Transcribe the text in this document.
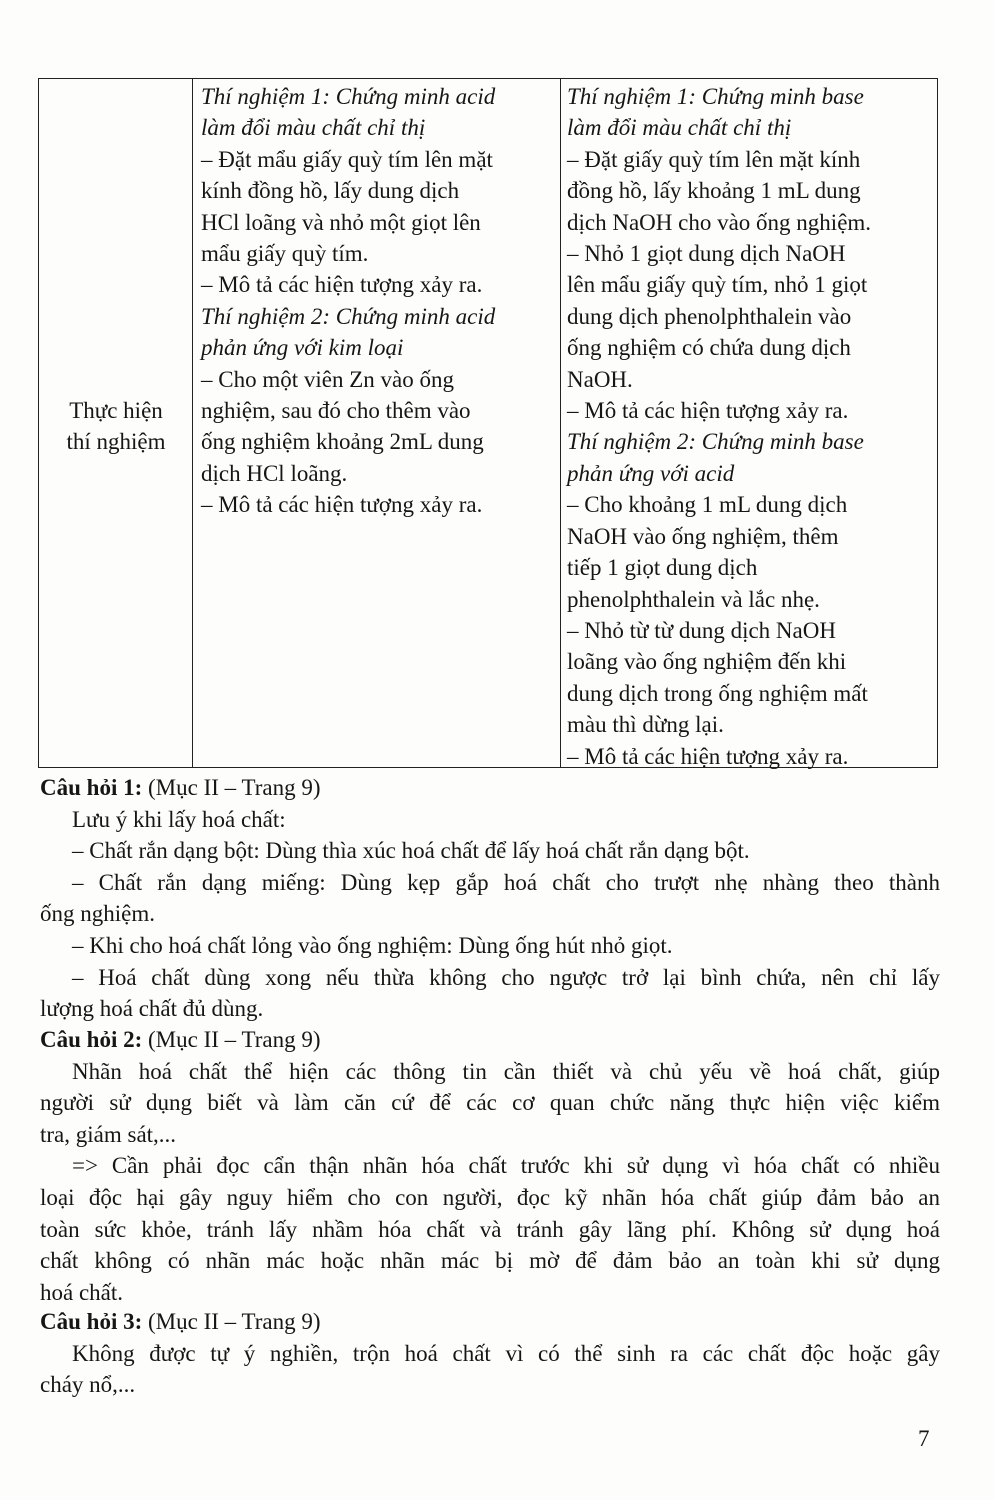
Thực hiện
thí nghiệm
Thí nghiệm 1: Chứng minh acid
làm đổi màu chất chỉ thị
– Đặt mẩu giấy quỳ tím lên mặt
kính đồng hồ, lấy dung dịch
HCl loãng và nhỏ một giọt lên
mẩu giấy quỳ tím.
– Mô tả các hiện tượng xảy ra.
Thí nghiệm 2: Chứng minh acid
phản ứng với kim loại
– Cho một viên Zn vào ống
nghiệm, sau đó cho thêm vào
ống nghiệm khoảng 2mL dung
dịch HCl loãng.
– Mô tả các hiện tượng xảy ra.
Thí nghiệm 1: Chứng minh base
làm đổi màu chất chỉ thị
– Đặt giấy quỳ tím lên mặt kính
đồng hồ, lấy khoảng 1 mL dung
dịch NaOH cho vào ống nghiệm.
– Nhỏ 1 giọt dung dịch NaOH
lên mẩu giấy quỳ tím, nhỏ 1 giọt
dung dịch phenolphthalein vào
ống nghiệm có chứa dung dịch
NaOH.
– Mô tả các hiện tượng xảy ra.
Thí nghiệm 2: Chứng minh base
phản ứng với acid
– Cho khoảng 1 mL dung dịch
NaOH vào ống nghiệm, thêm
tiếp 1 giọt dung dịch
phenolphthalein và lắc nhẹ.
– Nhỏ từ từ dung dịch NaOH
loãng vào ống nghiệm đến khi
dung dịch trong ống nghiệm mất
màu thì dừng lại.
– Mô tả các hiện tượng xảy ra.
Câu hỏi 1: (Mục II – Trang 9)
Lưu ý khi lấy hoá chất:
– Chất rắn dạng bột: Dùng thìa xúc hoá chất để lấy hoá chất rắn dạng bột.
– Chất rắn dạng miếng: Dùng kẹp gắp hoá chất cho trượt nhẹ nhàng theo thành
ống nghiệm.
– Khi cho hoá chất lỏng vào ống nghiệm: Dùng ống hút nhỏ giọt.
– Hoá chất dùng xong nếu thừa không cho ngược trở lại bình chứa, nên chỉ lấy
lượng hoá chất đủ dùng.
Câu hỏi 2: (Mục II – Trang 9)
Nhãn hoá chất thể hiện các thông tin cần thiết và chủ yếu về hoá chất, giúp
người sử dụng biết và làm căn cứ để các cơ quan chức năng thực hiện việc kiểm
tra, giám sát,...
=> Cần phải đọc cẩn thận nhãn hóa chất trước khi sử dụng vì hóa chất có nhiều
loại độc hại gây nguy hiểm cho con người, đọc kỹ nhãn hóa chất giúp đảm bảo an
toàn sức khỏe, tránh lấy nhầm hóa chất và tránh gây lãng phí. Không sử dụng hoá
chất không có nhãn mác hoặc nhãn mác bị mờ để đảm bảo an toàn khi sử dụng
hoá chất.
Câu hỏi 3: (Mục II – Trang 9)
Không được tự ý nghiền, trộn hoá chất vì có thể sinh ra các chất độc hoặc gây
cháy nổ,...
7
